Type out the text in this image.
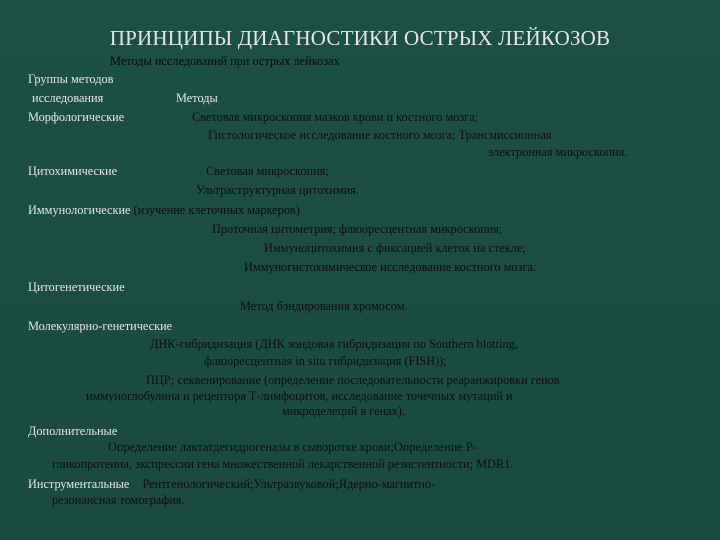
ПРИНЦИПЫ ДИАГНОСТИКИ ОСТРЫХ ЛЕЙКОЗОВ
Методы исследований при острых лейкозах
Группы методов
исследования	Методы
Морфологические	Световая микроскопия мазков крови и костного мозга;
Гистологическое исследование костного мозга; Трансмиссионная
электронная микроскопия.
Цитохимические	Световая микроскопия;
Ультраструктурная цитохимия.
Иммунологические (изучение клеточных маркеров)
Проточная цитометрия; флюоресцентная микроскопия;
Иммуноцитохимия с фиксацией клеток на стекле;
Иммуногистохимическое исследование костного мозга.
Цитогенетические
Метод бэндирования хромосом.
Молекулярно-генетические
ДНК-гибридизация (ДНК зондовая гибридизация по Southern blotting,
флюоресцентная in situ гибридизация (FISH));
ПЦР; секвенирование (определение последовательности реаранжировки генов
иммуноглобулина и рецептора Т-лимфоцитов, исследование точечных мутаций и
микроделеций в генах).
Дополнительные
Определение лактатдегидрогеназы в сыворотке крови;Определение Р-
гликопротеина, экспрессии гена множественной лекарственной резистентности; MDR1.
Инструментальные Рентгенологический;Ультразвуковой;Ядерно-магнитно-
резонансная томография.
